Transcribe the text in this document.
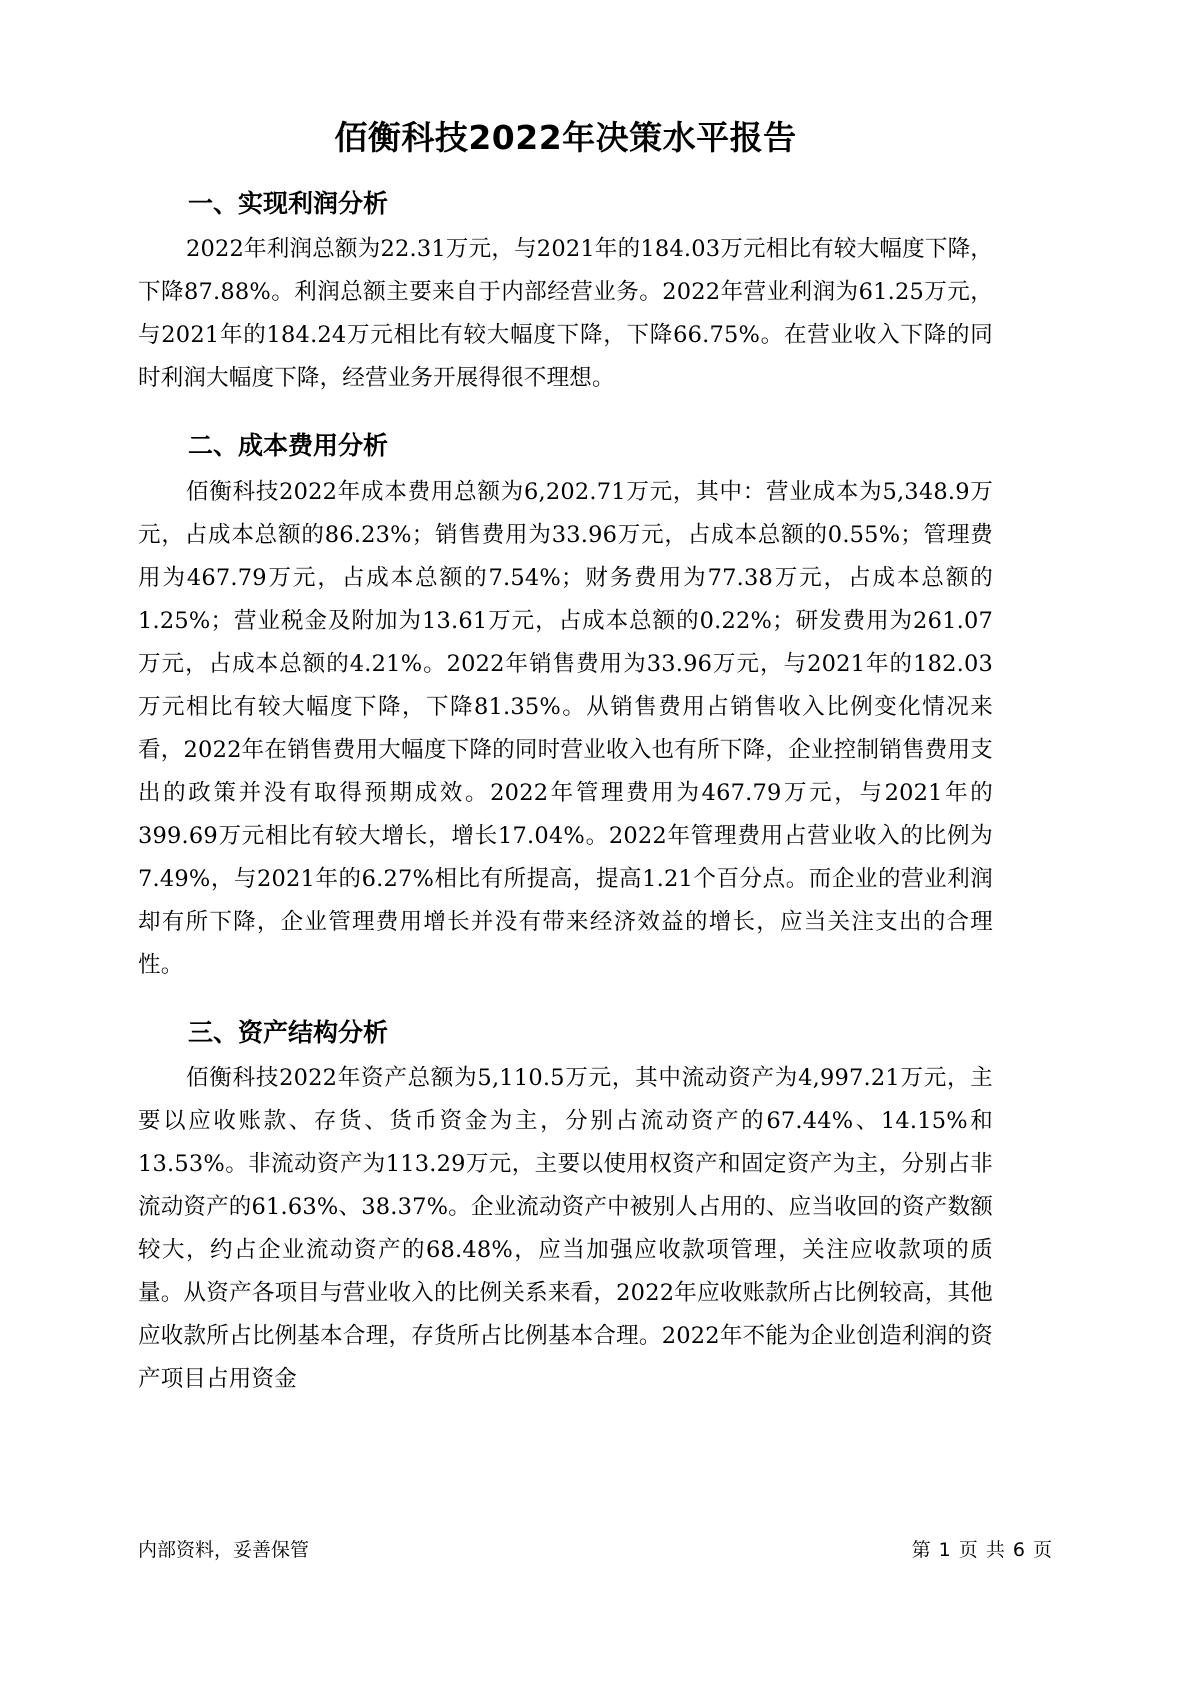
佰衡科技2022年决策水平报告
一、实现利润分析

2022年利润总额为22.31万元，与2021年的184.03万元相比有较大幅度下降，下降87.88%。利润总额主要来自于内部经营业务。2022年营业利润为61.25万元，与2021年的184.24万元相比有较大幅度下降，下降66.75%。在营业收入下降的同时利润大幅度下降，经营业务开展得很不理想。

二、成本费用分析

佰衡科技2022年成本费用总额为6,202.71万元，其中：营业成本为5,348.9万元，占成本总额的86.23%；销售费用为33.96万元，占成本总额的0.55%；管理费用为467.79万元，占成本总额的7.54%；财务费用为77.38万元，占成本总额的1.25%；营业税金及附加为13.61万元，占成本总额的0.22%；研发费用为261.07万元，占成本总额的4.21%。2022年销售费用为33.96万元，与2021年的182.03万元相比有较大幅度下降，下降81.35%。从销售费用占销售收入比例变化情况来看，2022年在销售费用大幅度下降的同时营业收入也有所下降，企业控制销售费用支出的政策并没有取得预期成效。2022年管理费用为467.79万元，与2021年的399.69万元相比有较大增长，增长17.04%。2022年管理费用占营业收入的比例为7.49%，与2021年的6.27%相比有所提高，提高1.21个百分点。而企业的营业利润却有所下降，企业管理费用增长并没有带来经济效益的增长，应当关注支出的合理性。

三、资产结构分析

佰衡科技2022年资产总额为5,110.5万元，其中流动资产为4,997.21万元，主要以应收账款、存货、货币资金为主，分别占流动资产的67.44%、14.15%和13.53%。非流动资产为113.29万元，主要以使用权资产和固定资产为主，分别占非流动资产的61.63%、38.37%。企业流动资产中被别人占用的、应当收回的资产数额较大，约占企业流动资产的68.48%，应当加强应收款项管理，关注应收款项的质量。从资产各项目与营业收入的比例关系来看，2022年应收账款所占比例较高，其他应收款所占比例基本合理，存货所占比例基本合理。2022年不能为企业创造利润的资产项目占用资金

内部资料，妥善保管	第 1 页 共 6 页
